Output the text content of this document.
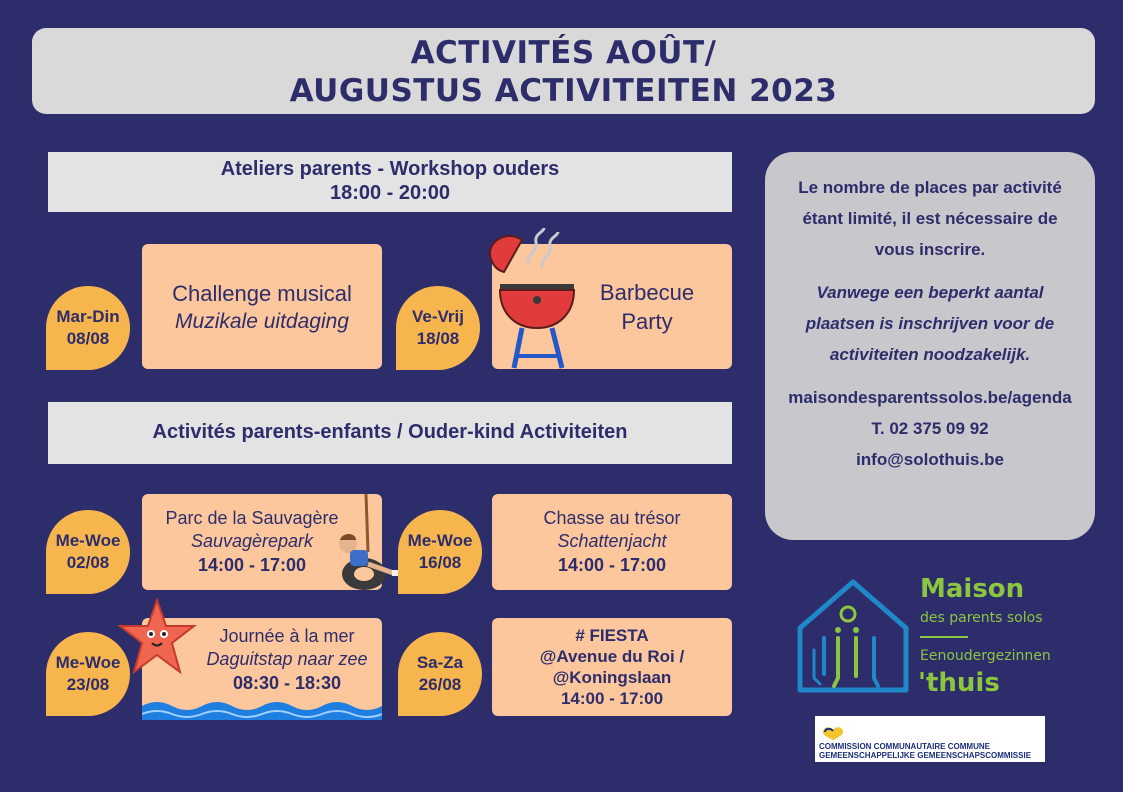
ACTIVITÉS AOÛT/
AUGUSTUS ACTIVITEITEN 2023
Ateliers parents - Workshop ouders
18:00 - 20:00
Challenge musical
Muzikale uitdaging
Mar-Din
08/08
Barbecue
Party
Ve-Vrij
18/08
Activités parents-enfants / Ouder-kind Activiteiten
Parc de la Sauvagère
Sauvagèrepark
14:00 - 17:00
Me-Woe
02/08
Chasse au trésor
Schattenjacht
14:00 - 17:00
Me-Woe
16/08
Journée à la mer
Daguitstap naar zee
08:30 - 18:30
Me-Woe
23/08
# FIESTA
@Avenue du Roi /
@Koningslaan
14:00 - 17:00
Sa-Za
26/08

Le nombre de places par activité

étant limité, il est nécessaire de

vous inscrire.

Vanwege een beperkt aantal

plaatsen is inschrijven voor de

activiteiten noodzakelijk.

maisondesparentssolos.be/agenda

T. 02 375 09 92

info@solothuis.be

Maison
des parents solos
Eenoudergezinnen
'thuis
COMMISSION COMMUNAUTAIRE COMMUNE
GEMEENSCHAPPELIJKE GEMEENSCHAPSCOMMISSIE
